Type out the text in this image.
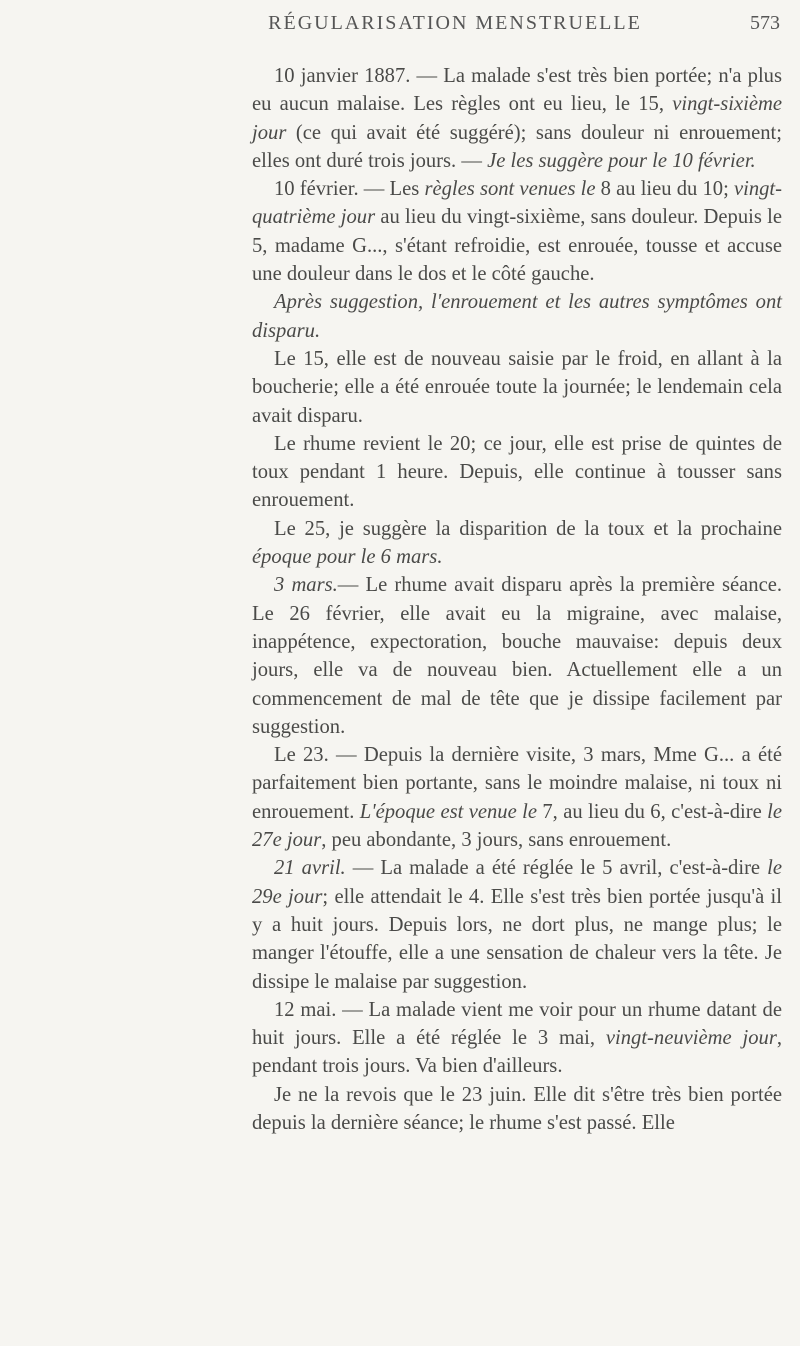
RÉGULARISATION MENSTRUELLE	573

10 janvier 1887. — La malade s'est très bien portée; n'a plus eu aucun malaise. Les règles ont eu lieu, le 15, vingt-sixième jour (ce qui avait été suggéré); sans douleur ni enrouement; elles ont duré trois jours. — Je les suggère pour le 10 février.

10 février. — Les règles sont venues le 8 au lieu du 10; vingt-quatrième jour au lieu du vingt-sixième, sans douleur. Depuis le 5, madame G..., s'étant refroidie, est enrouée, tousse et accuse une douleur dans le dos et le côté gauche.

Après suggestion, l'enrouement et les autres symptômes ont disparu.

Le 15, elle est de nouveau saisie par le froid, en allant à la boucherie; elle a été enrouée toute la journée; le lendemain cela avait disparu.

Le rhume revient le 20; ce jour, elle est prise de quintes de toux pendant 1 heure. Depuis, elle continue à tousser sans enrouement.

Le 25, je suggère la disparition de la toux et la prochaine époque pour le 6 mars.

3 mars.— Le rhume avait disparu après la première séance. Le 26 février, elle avait eu la migraine, avec malaise, inappétence, expectoration, bouche mauvaise: depuis deux jours, elle va de nouveau bien. Actuellement elle a un commencement de mal de tête que je dissipe facilement par suggestion.

Le 23. — Depuis la dernière visite, 3 mars, Mme G... a été parfaitement bien portante, sans le moindre malaise, ni toux ni enrouement. L'époque est venue le 7, au lieu du 6, c'est-à-dire le 27e jour, peu abondante, 3 jours, sans enrouement.

21 avril. — La malade a été réglée le 5 avril, c'est-à-dire le 29e jour; elle attendait le 4. Elle s'est très bien portée jusqu'à il y a huit jours. Depuis lors, ne dort plus, ne mange plus; le manger l'étouffe, elle a une sensation de chaleur vers la tête. Je dissipe le malaise par suggestion.

12 mai. — La malade vient me voir pour un rhume datant de huit jours. Elle a été réglée le 3 mai, vingt-neuvième jour, pendant trois jours. Va bien d'ailleurs.

Je ne la revois que le 23 juin. Elle dit s'être très bien portée depuis la dernière séance; le rhume s'est passé. Elle
